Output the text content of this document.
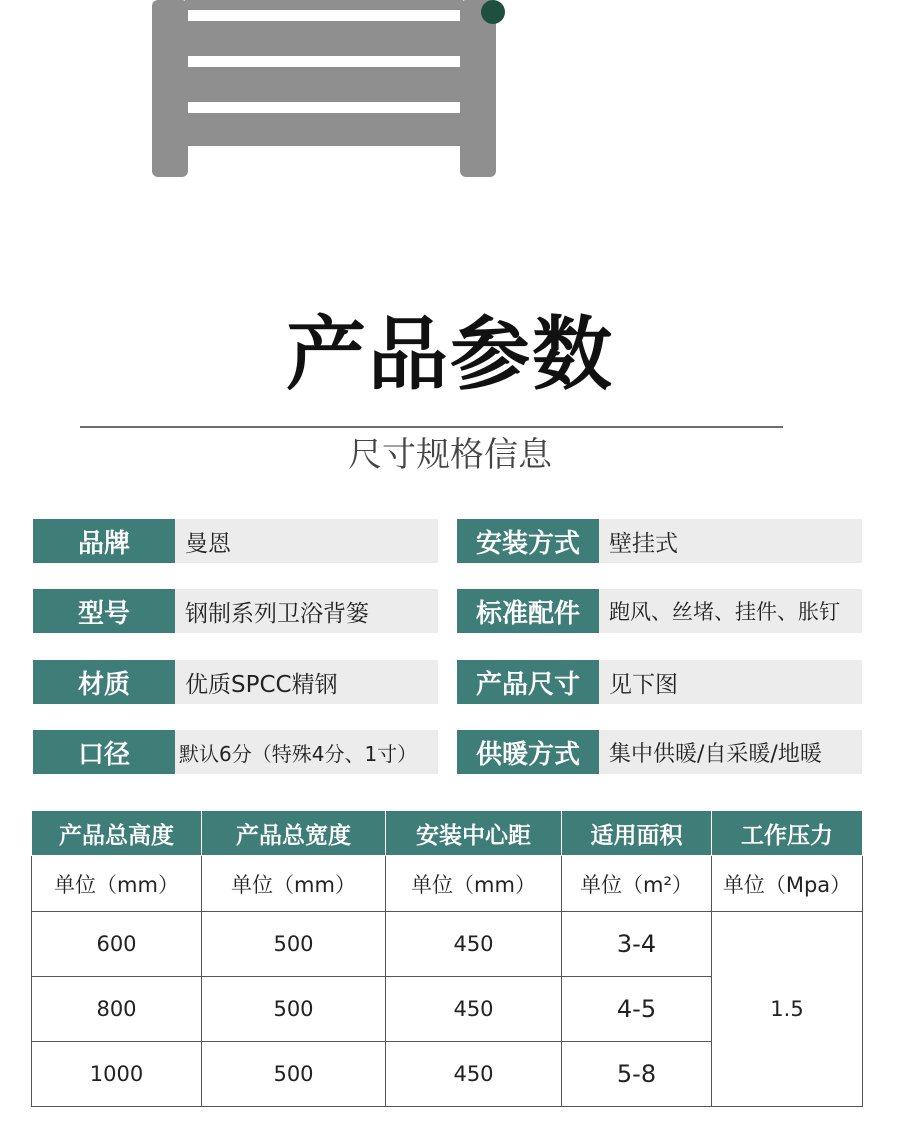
产品参数
尺寸规格信息
品牌	曼恩	安装方式	壁挂式
型号	钢制系列卫浴背篓	标准配件	跑风、丝堵、挂件、胀钉
材质	优质SPCC精钢	产品尺寸	见下图
口径	默认6分（特殊4分、1寸）	供暖方式	集中供暖/自采暖/地暖
产品总高度	产品总宽度	安装中心距	适用面积	工作压力
单位（mm）	单位（mm）	单位（mm）	单位（m²）	单位（Mpa）
600	500	450	3-4	1.5
800	500	450	4-5	
1000	500	450	5-8	
